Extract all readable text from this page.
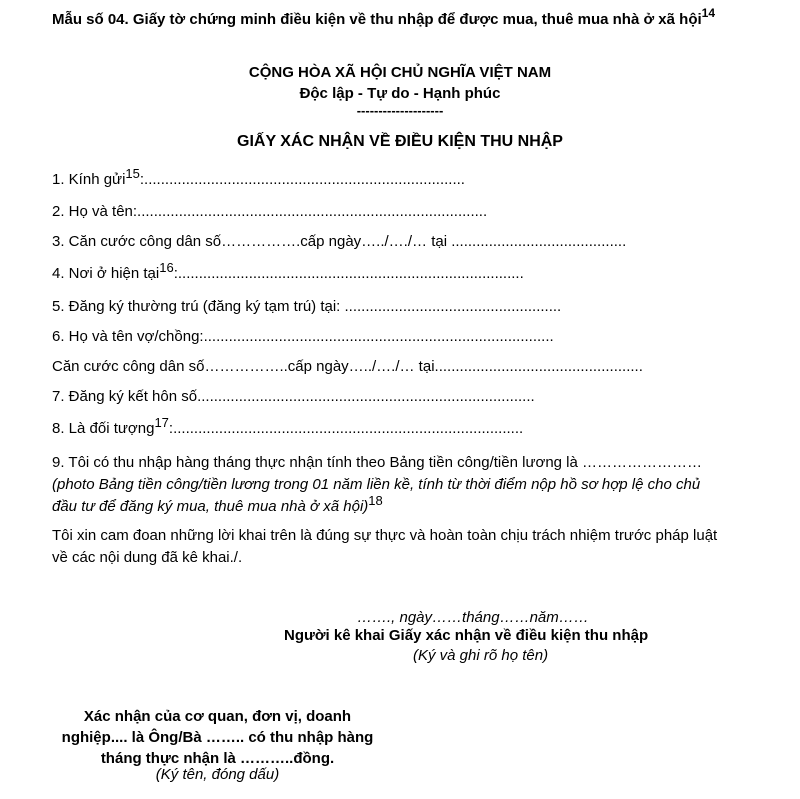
Mẫu số 04. Giấy tờ chứng minh điều kiện về thu nhập để được mua, thuê mua nhà ở xã hội$^{14}$
CỘNG HÒA XÃ HỘI CHỦ NGHĨA VIỆT NAM
Độc lập - Tự do - Hạnh phúc
--------------------
GIẤY XÁC NHẬN VỀ ĐIỀU KIỆN THU NHẬP
1. Kính gửi$^{15}$:.............................................................................
2. Họ và tên:....................................................................................
3. Căn cước công dân số…………….cấp ngày…../…./… tại ..........................................
4. Nơi ở hiện tại$^{16}$:...................................................................................
5. Đăng ký thường trú (đăng ký tạm trú) tại: ....................................................
6. Họ và tên vợ/chồng:....................................................................................
Căn cước công dân số……………..cấp ngày…../…./… tại..................................................
7. Đăng ký kết hôn số.................................................................................
8. Là đối tượng$^{17}$:....................................................................................
9. Tôi có thu nhập hàng tháng thực nhận tính theo Bảng tiền công/tiền lương là ……………………(photo Bảng tiền công/tiền lương trong 01 năm liền kề, tính từ thời điểm nộp hồ sơ hợp lệ cho chủ đầu tư để đăng ký mua, thuê mua nhà ở xã hội)$^{18}$
Tôi xin cam đoan những lời khai trên là đúng sự thực và hoàn toàn chịu trách nhiệm trước pháp luật về các nội dung đã kê khai./.
……., ngày……tháng……năm……
Người kê khai Giấy xác nhận về điều kiện thu nhập
(Ký và ghi rõ họ tên)
Xác nhận của cơ quan, đơn vị, doanh nghiệp.... là Ông/Bà …….. có thu nhập hàng tháng thực nhận là ………..đồng.
(Ký tên, đóng dấu)
